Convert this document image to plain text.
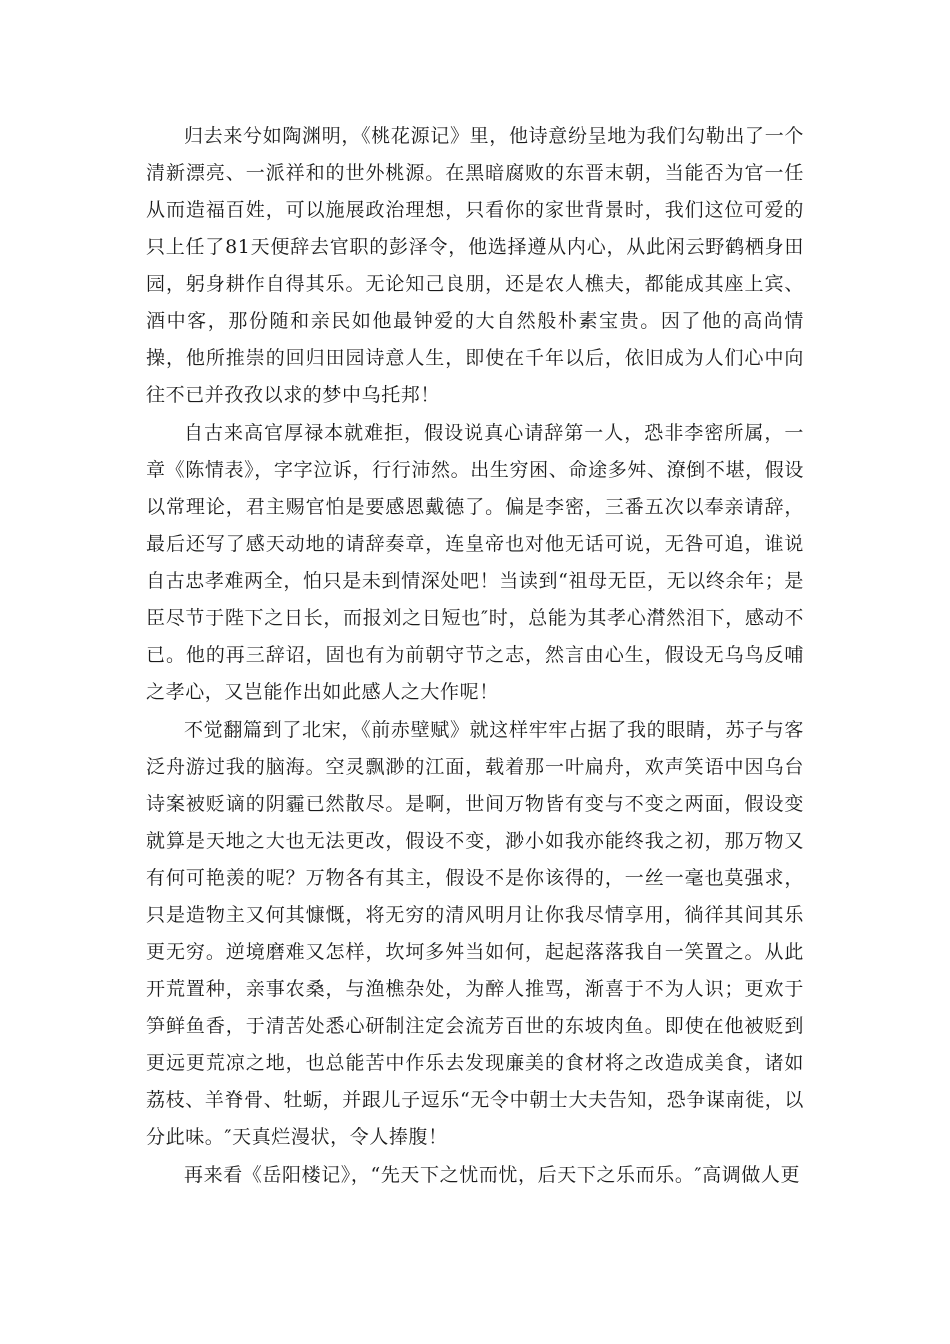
归去来兮如陶渊明，《桃花源记》里，他诗意纷呈地为我们勾勒出了一个清新漂亮、一派祥和的世外桃源。在黑暗腐败的东晋末朝，当能否为官一任从而造福百姓，可以施展政治理想，只看你的家世背景时，我们这位可爱的只上任了81天便辞去官职的彭泽令，他选择遵从内心，从此闲云野鹤栖身田园，躬身耕作自得其乐。无论知己良朋，还是农人樵夫，都能成其座上宾、酒中客，那份随和亲民如他最钟爱的大自然般朴素宝贵。因了他的高尚情操，他所推崇的回归田园诗意人生，即使在千年以后，依旧成为人们心中向往不已并孜孜以求的梦中乌托邦！

自古来高官厚禄本就难拒，假设说真心请辞第一人，恐非李密所属，一章《陈情表》，字字泣诉，行行沛然。出生穷困、命途多舛、潦倒不堪，假设以常理论，君主赐官怕是要感恩戴德了。偏是李密，三番五次以奉亲请辞，最后还写了感天动地的请辞奏章，连皇帝也对他无话可说，无咎可追，谁说自古忠孝难两全，怕只是未到情深处吧！当读到“祖母无臣，无以终余年；是臣尽节于陛下之日长，而报刘之日短也″时，总能为其孝心潸然泪下，感动不已。他的再三辞诏，固也有为前朝守节之志，然言由心生，假设无乌鸟反哺之孝心，又岂能作出如此感人之大作呢！

不觉翻篇到了北宋，《前赤壁赋》就这样牢牢占据了我的眼睛，苏子与客泛舟游过我的脑海。空灵飘渺的江面，载着那一叶扁舟，欢声笑语中因乌台诗案被贬谪的阴霾已然散尽。是啊，世间万物皆有变与不变之两面，假设变就算是天地之大也无法更改，假设不变，渺小如我亦能终我之初，那万物又有何可艳羡的呢？万物各有其主，假设不是你该得的，一丝一毫也莫强求，只是造物主又何其慷慨，将无穷的清风明月让你我尽情享用，徜徉其间其乐更无穷。逆境磨难又怎样，坎坷多舛当如何，起起落落我自一笑置之。从此开荒置种，亲事农桑，与渔樵杂处，为醉人推骂，渐喜于不为人识；更欢于笋鲜鱼香，于清苦处悉心研制注定会流芳百世的东坡肉鱼。即使在他被贬到更远更荒凉之地，也总能苦中作乐去发现廉美的食材将之改造成美食，诸如荔枝、羊脊骨、牡蛎，并跟儿子逗乐“无令中朝士大夫告知，恐争谋南徙，以分此味。″天真烂漫状，令人捧腹！

再来看《岳阳楼记》，“先天下之忧而忧，后天下之乐而乐。″高调做人更
